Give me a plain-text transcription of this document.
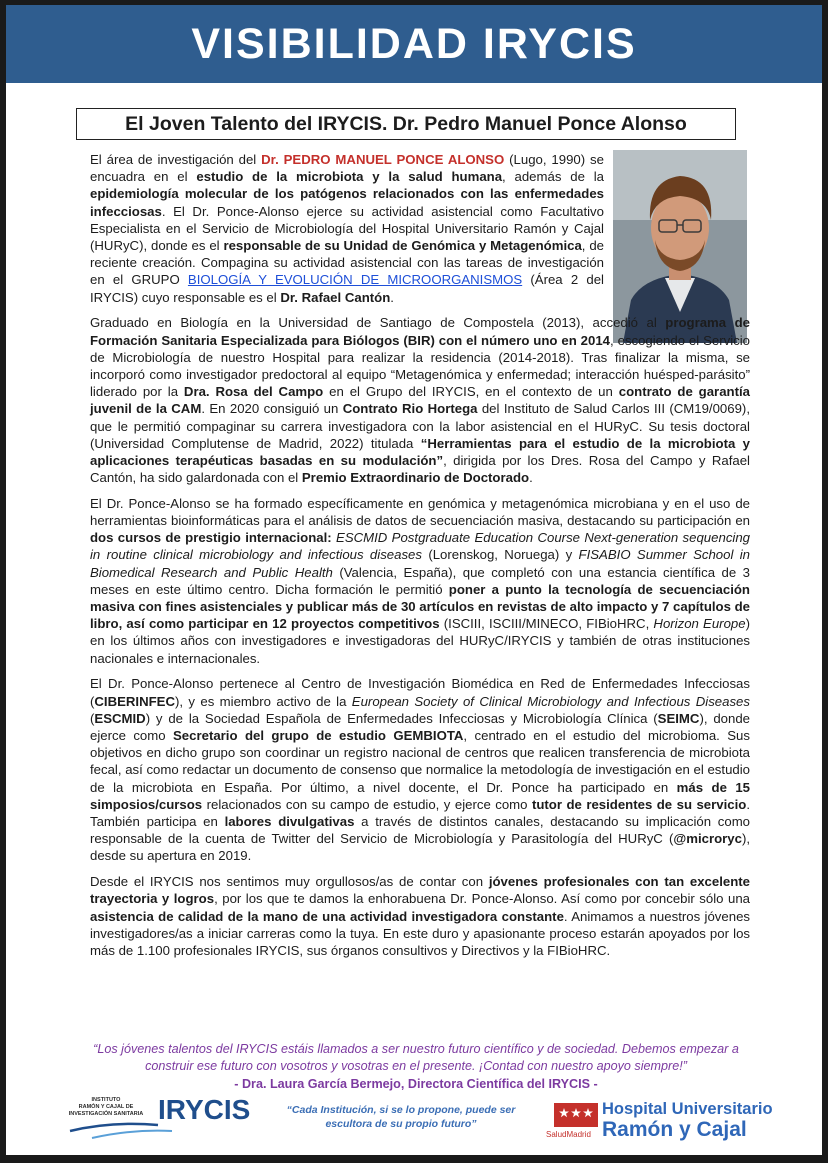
VISIBILIDAD IRYCIS
El Joven Talento del IRYCIS. Dr. Pedro Manuel Ponce Alonso

El área de investigación del Dr. PEDRO MANUEL PONCE ALONSO (Lugo, 1990) se encuadra en el estudio de la microbiota y la salud humana, además de la epidemiología molecular de los patógenos relacionados con las enfermedades infecciosas. El Dr. Ponce-Alonso ejerce su actividad asistencial como Facultativo Especialista en el Servicio de Microbiología del Hospital Universitario Ramón y Cajal (HURyC), donde es el responsable de su Unidad de Genómica y Metagenómica, de reciente creación. Compagina su actividad asistencial con las tareas de investigación en el GRUPO BIOLOGÍA Y EVOLUCIÓN DE MICROORGANISMOS (Área 2 del IRYCIS) cuyo responsable es el Dr. Rafael Cantón.

Graduado en Biología en la Universidad de Santiago de Compostela (2013), accedió al programa de Formación Sanitaria Especializada para Biólogos (BIR) con el número uno en 2014, escogiendo el Servicio de Microbiología de nuestro Hospital para realizar la residencia (2014-2018). Tras finalizar la misma, se incorporó como investigador predoctoral al equipo “Metagenómica y enfermedad; interacción huésped-parásito” liderado por la Dra. Rosa del Campo en el Grupo del IRYCIS, en el contexto de un contrato de garantía juvenil de la CAM. En 2020 consiguió un Contrato Rio Hortega del Instituto de Salud Carlos III (CM19/0069), que le permitió compaginar su carrera investigadora con la labor asistencial en el HURyC. Su tesis doctoral (Universidad Complutense de Madrid, 2022) titulada “Herramientas para el estudio de la microbiota y aplicaciones terapéuticas basadas en su modulación”, dirigida por los Dres. Rosa del Campo y Rafael Cantón, ha sido galardonada con el Premio Extraordinario de Doctorado.

El Dr. Ponce-Alonso se ha formado específicamente en genómica y metagenómica microbiana y en el uso de herramientas bioinformáticas para el análisis de datos de secuenciación masiva, destacando su participación en dos cursos de prestigio internacional: ESCMID Postgraduate Education Course Next-generation sequencing in routine clinical microbiology and infectious diseases (Lorenskog, Noruega) y FISABIO Summer School in Biomedical Research and Public Health (Valencia, España), que completó con una estancia científica de 3 meses en este último centro. Dicha formación le permitió poner a punto la tecnología de secuenciación masiva con fines asistenciales y publicar más de 30 artículos en revistas de alto impacto y 7 capítulos de libro, así como participar en 12 proyectos competitivos (ISCIII, ISCIII/MINECO, FIBioHRC, Horizon Europe) en los últimos años con investigadores e investigadoras del HURyC/IRYCIS y también de otras instituciones nacionales e internacionales.

El Dr. Ponce-Alonso pertenece al Centro de Investigación Biomédica en Red de Enfermedades Infecciosas (CIBERINFEC), y es miembro activo de la European Society of Clinical Microbiology and Infectious Diseases (ESCMID) y de la Sociedad Española de Enfermedades Infecciosas y Microbiología Clínica (SEIMC), donde ejerce como Secretario del grupo de estudio GEMBIOTA, centrado en el estudio del microbioma. Sus objetivos en dicho grupo son coordinar un registro nacional de centros que realicen transferencia de microbiota fecal, así como redactar un documento de consenso que normalice la metodología de investigación en el estudio de la microbiota en España. Por último, a nivel docente, el Dr. Ponce ha participado en más de 15 simposios/cursos relacionados con su campo de estudio, y ejerce como tutor de residentes de su servicio. También participa en labores divulgativas a través de distintos canales, destacando su implicación como responsable de la cuenta de Twitter del Servicio de Microbiología y Parasitología del HURyC (@microryc), desde su apertura en 2019.

Desde el IRYCIS nos sentimos muy orgullosos/as de contar con jóvenes profesionales con tan excelente trayectoria y logros, por los que te damos la enhorabuena Dr. Ponce-Alonso. Así como por concebir sólo una asistencia de calidad de la mano de una actividad investigadora constante. Animamos a nuestros jóvenes investigadores/as a iniciar carreras como la tuya. En este duro y apasionante proceso estarán apoyados por los más de 1.100 profesionales IRYCIS, sus órganos consultivos y Directivos y la FIBioHRC.

“Los jóvenes talentos del IRYCIS estáis llamados a ser nuestro futuro científico y de sociedad. Debemos empezar a construir ese futuro con vosotros y vosotras en el presente. ¡Contad con nuestro apoyo siempre!”
- Dra. Laura García Bermejo, Directora Científica del IRYCIS -
INSTITUTO
RAMÓN Y CAJAL DE
INVESTIGACIÓN SANITARIA IRYCIS	“Cada Institución, si se lo propone, puede ser escultora de su propio futuro”
SaludMadrid
Hospital Universitario
Ramón y Cajal
